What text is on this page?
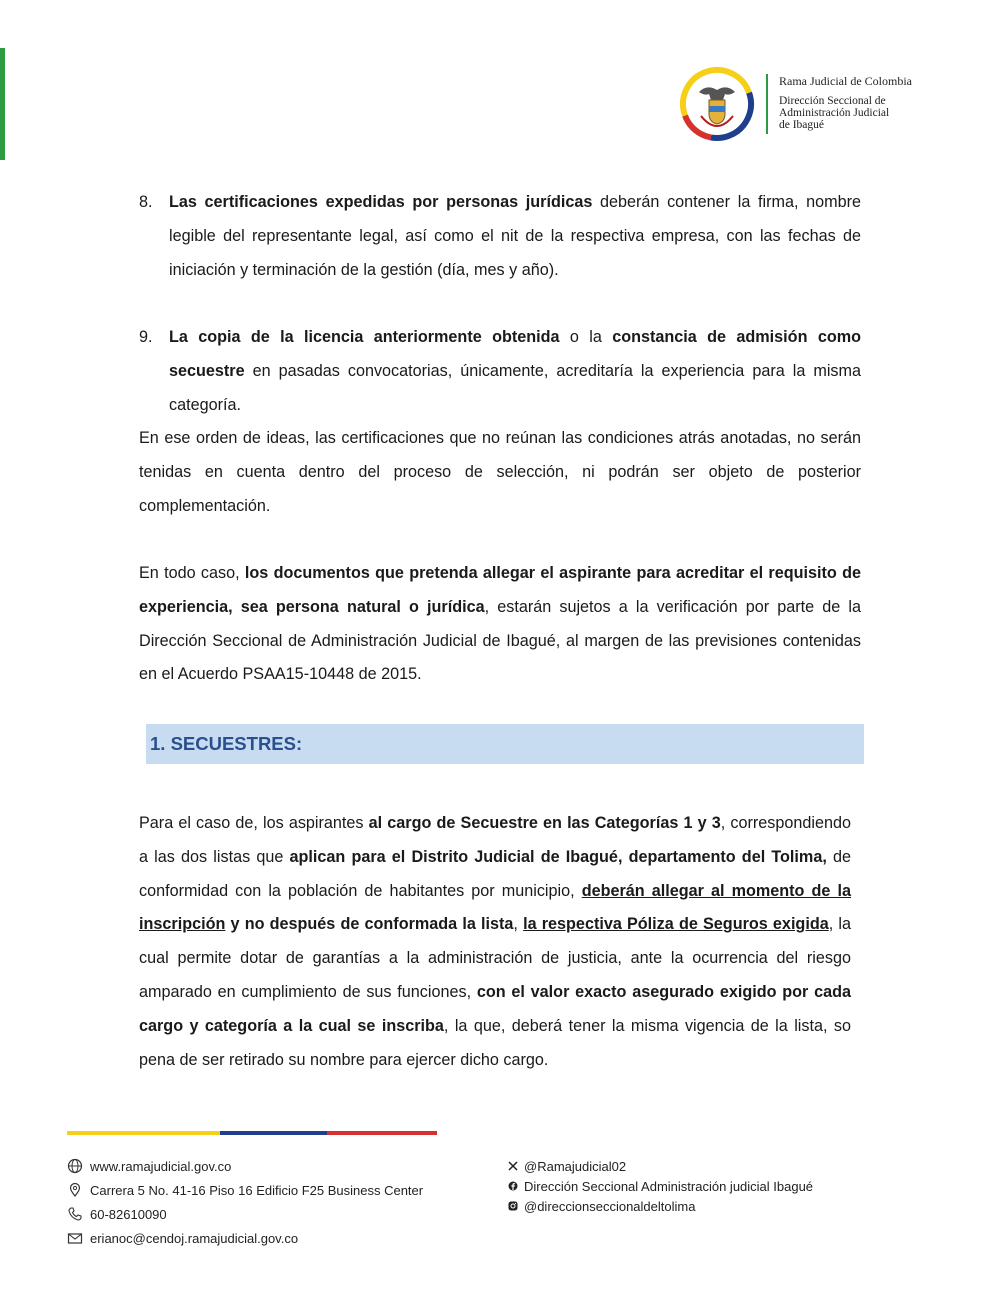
Rama Judicial de Colombia
Dirección Seccional de
Administración Judicial
de Ibagué
8. Las certificaciones expedidas por personas jurídicas deberán contener la firma, nombre legible del representante legal, así como el nit de la respectiva empresa, con las fechas de iniciación y terminación de la gestión (día, mes y año).
9. La copia de la licencia anteriormente obtenida o la constancia de admisión como secuestre en pasadas convocatorias, únicamente, acreditaría la experiencia para la misma categoría.
En ese orden de ideas, las certificaciones que no reúnan las condiciones atrás anotadas, no serán tenidas en cuenta dentro del proceso de selección, ni podrán ser objeto de posterior complementación.
En todo caso, los documentos que pretenda allegar el aspirante para acreditar el requisito de experiencia, sea persona natural o jurídica, estarán sujetos a la verificación por parte de la Dirección Seccional de Administración Judicial de Ibagué, al margen de las previsiones contenidas en el Acuerdo PSAA15-10448 de 2015.
1. SECUESTRES:
Para el caso de, los aspirantes al cargo de Secuestre en las Categorías 1 y 3, correspondiendo a las dos listas que aplican para el Distrito Judicial de Ibagué, departamento del Tolima, de conformidad con la población de habitantes por municipio, deberán allegar al momento de la inscripción y no después de conformada la lista, la respectiva Póliza de Seguros exigida, la cual permite dotar de garantías a la administración de justicia, ante la ocurrencia del riesgo amparado en cumplimiento de sus funciones, con el valor exacto asegurado exigido por cada cargo y categoría a la cual se inscriba, la que, deberá tener la misma vigencia de la lista, so pena de ser retirado su nombre para ejercer dicho cargo.
www.ramajudicial.gov.co
Carrera 5 No. 41-16 Piso 16 Edificio F25 Business Center
60-82610090
erianoc@cendoj.ramajudicial.gov.co
@Ramajudicial02
Dirección Seccional Administración judicial Ibagué
@direccionseccionaldeltolima
